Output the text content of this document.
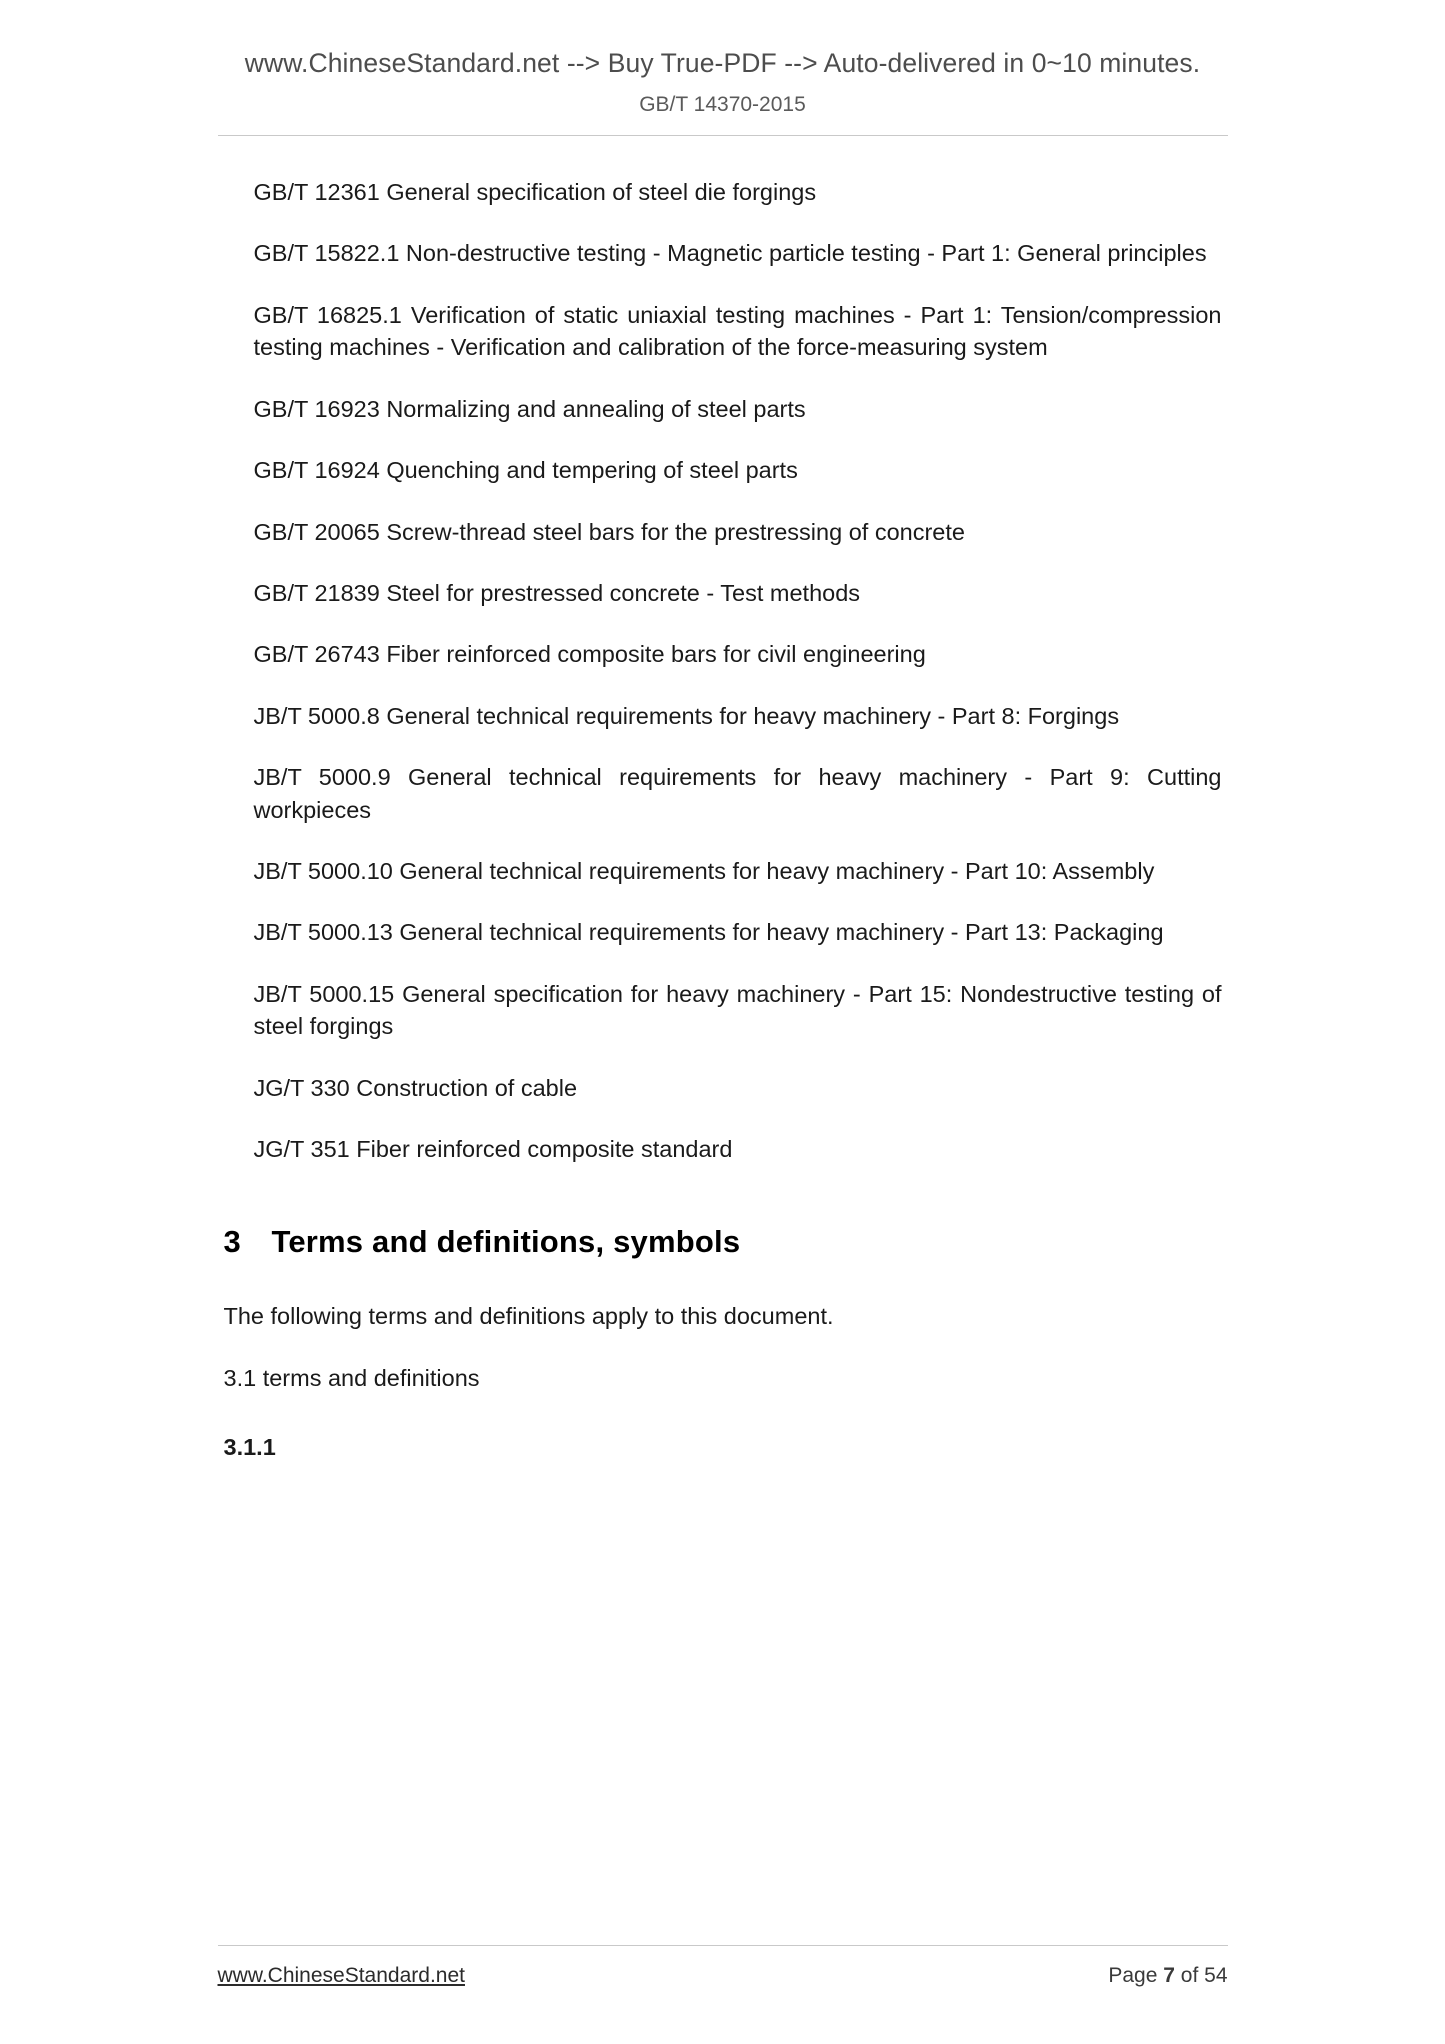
www.ChineseStandard.net --> Buy True-PDF --> Auto-delivered in 0~10 minutes.
GB/T 14370-2015

GB/T 12361 General specification of steel die forgings

GB/T 15822.1 Non-destructive testing - Magnetic particle testing - Part 1: General principles

GB/T 16825.1 Verification of static uniaxial testing machines - Part 1: Tension/compression testing machines - Verification and calibration of the force-measuring system

GB/T 16923 Normalizing and annealing of steel parts

GB/T 16924 Quenching and tempering of steel parts

GB/T 20065 Screw-thread steel bars for the prestressing of concrete

GB/T 21839 Steel for prestressed concrete - Test methods

GB/T 26743 Fiber reinforced composite bars for civil engineering

JB/T 5000.8 General technical requirements for heavy machinery - Part 8: Forgings

JB/T 5000.9 General technical requirements for heavy machinery - Part 9: Cutting workpieces

JB/T 5000.10 General technical requirements for heavy machinery - Part 10: Assembly

JB/T 5000.13 General technical requirements for heavy machinery - Part 13: Packaging

JB/T 5000.15 General specification for heavy machinery - Part 15: Nondestructive testing of steel forgings

JG/T 330 Construction of cable

JG/T 351 Fiber reinforced composite standard

3 Terms and definitions, symbols

The following terms and definitions apply to this document.

3.1 terms and definitions

3.1.1

www.ChineseStandard.net	Page 7 of 54
